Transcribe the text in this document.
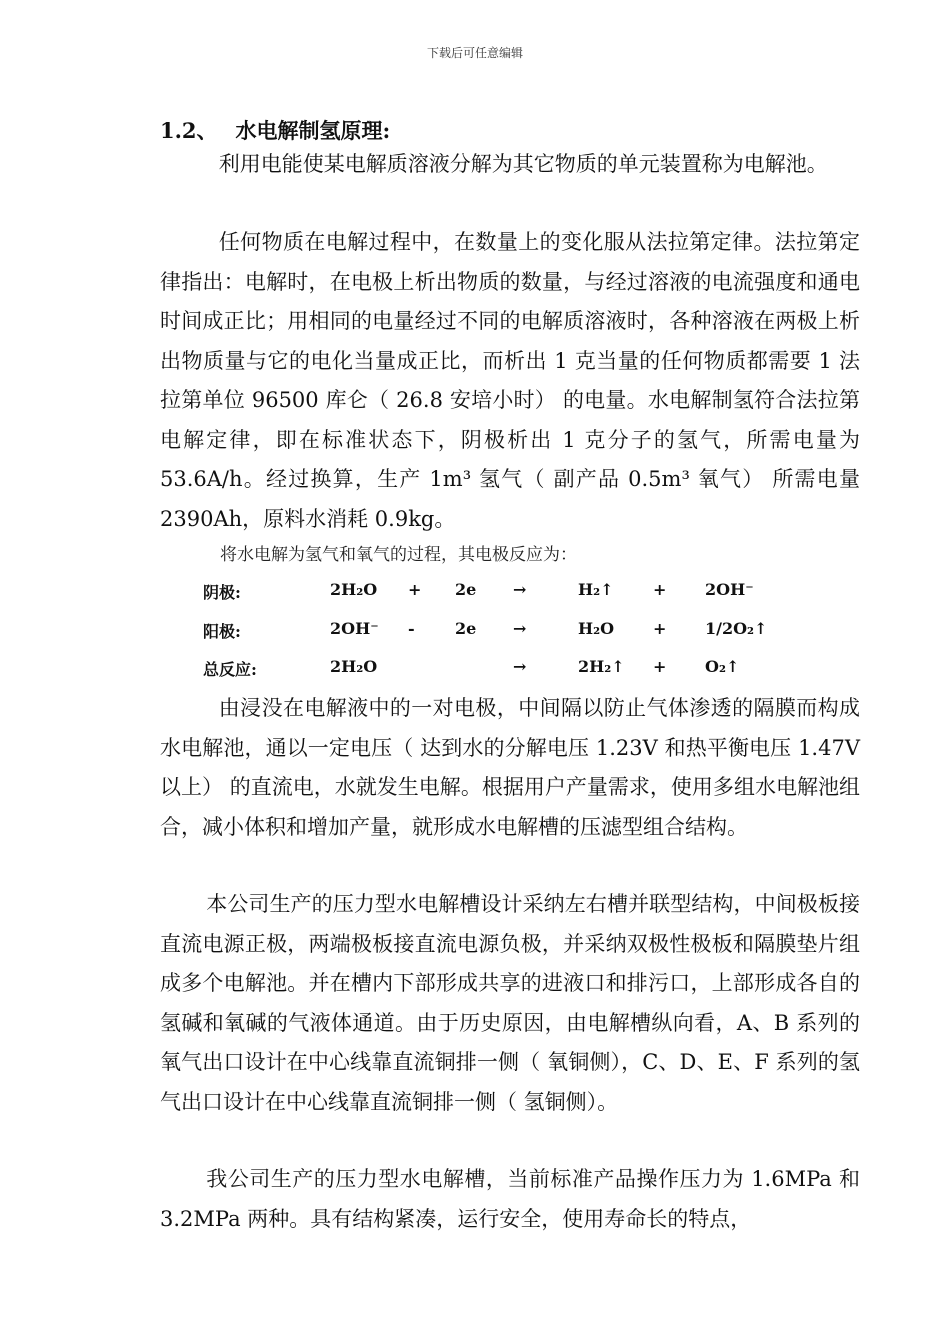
下载后可任意编辑
1.2、 水电解制氢原理:

利用电能使某电解质溶液分解为其它物质的单元装置称为电解池。

任何物质在电解过程中，在数量上的变化服从法拉第定律。法拉第定律指出：电解时，在电极上析出物质的数量，与经过溶液的电流强度和通电时间成正比；用相同的电量经过不同的电解质溶液时，各种溶液在两极上析出物质量与它的电化当量成正比，而析出 1 克当量的任何物质都需要 1 法拉第单位 96500 库仑（ 26.8 安培小时） 的电量。水电解制氢符合法拉第电解定律，即在标准状态下，阴极析出 1 克分子的氢气，所需电量为 53.6A/h。经过换算，生产 1m³ 氢气（ 副产品 0.5m³ 氧气） 所需电量 2390Ah，原料水消耗 0.9kg。

将水电解为氢气和氧气的过程，其电极反应为：
阴极:	2H₂O + 2e →	H₂↑ + 2OH⁻
阳极:	2OH⁻ -	2e →	H₂O + 1/2O₂↑
总反应:	2H₂O	→	2H₂↑ + O₂↑

由浸没在电解液中的一对电极，中间隔以防止气体渗透的隔膜而构成水电解池，通以一定电压（ 达到水的分解电压 1.23V 和热平衡电压 1.47V 以上） 的直流电，水就发生电解。根据用户产量需求，使用多组水电解池组合，减小体积和增加产量，就形成水电解槽的压滤型组合结构。

本公司生产的压力型水电解槽设计采纳左右槽并联型结构，中间极板接直流电源正极，两端极板接直流电源负极，并采纳双极性极板和隔膜垫片组成多个电解池。并在槽内下部形成共享的进液口和排污口，上部形成各自的氢碱和氧碱的气液体通道。由于历史原因，由电解槽纵向看，A、B 系列的氧气出口设计在中心线靠直流铜排一侧（ 氧铜侧），C、D、E、F 系列的氢气出口设计在中心线靠直流铜排一侧（ 氢铜侧）。

我公司生产的压力型水电解槽，当前标准产品操作压力为 1.6MPa 和 3.2MPa 两种。具有结构紧凑，运行安全，使用寿命长的特点，
